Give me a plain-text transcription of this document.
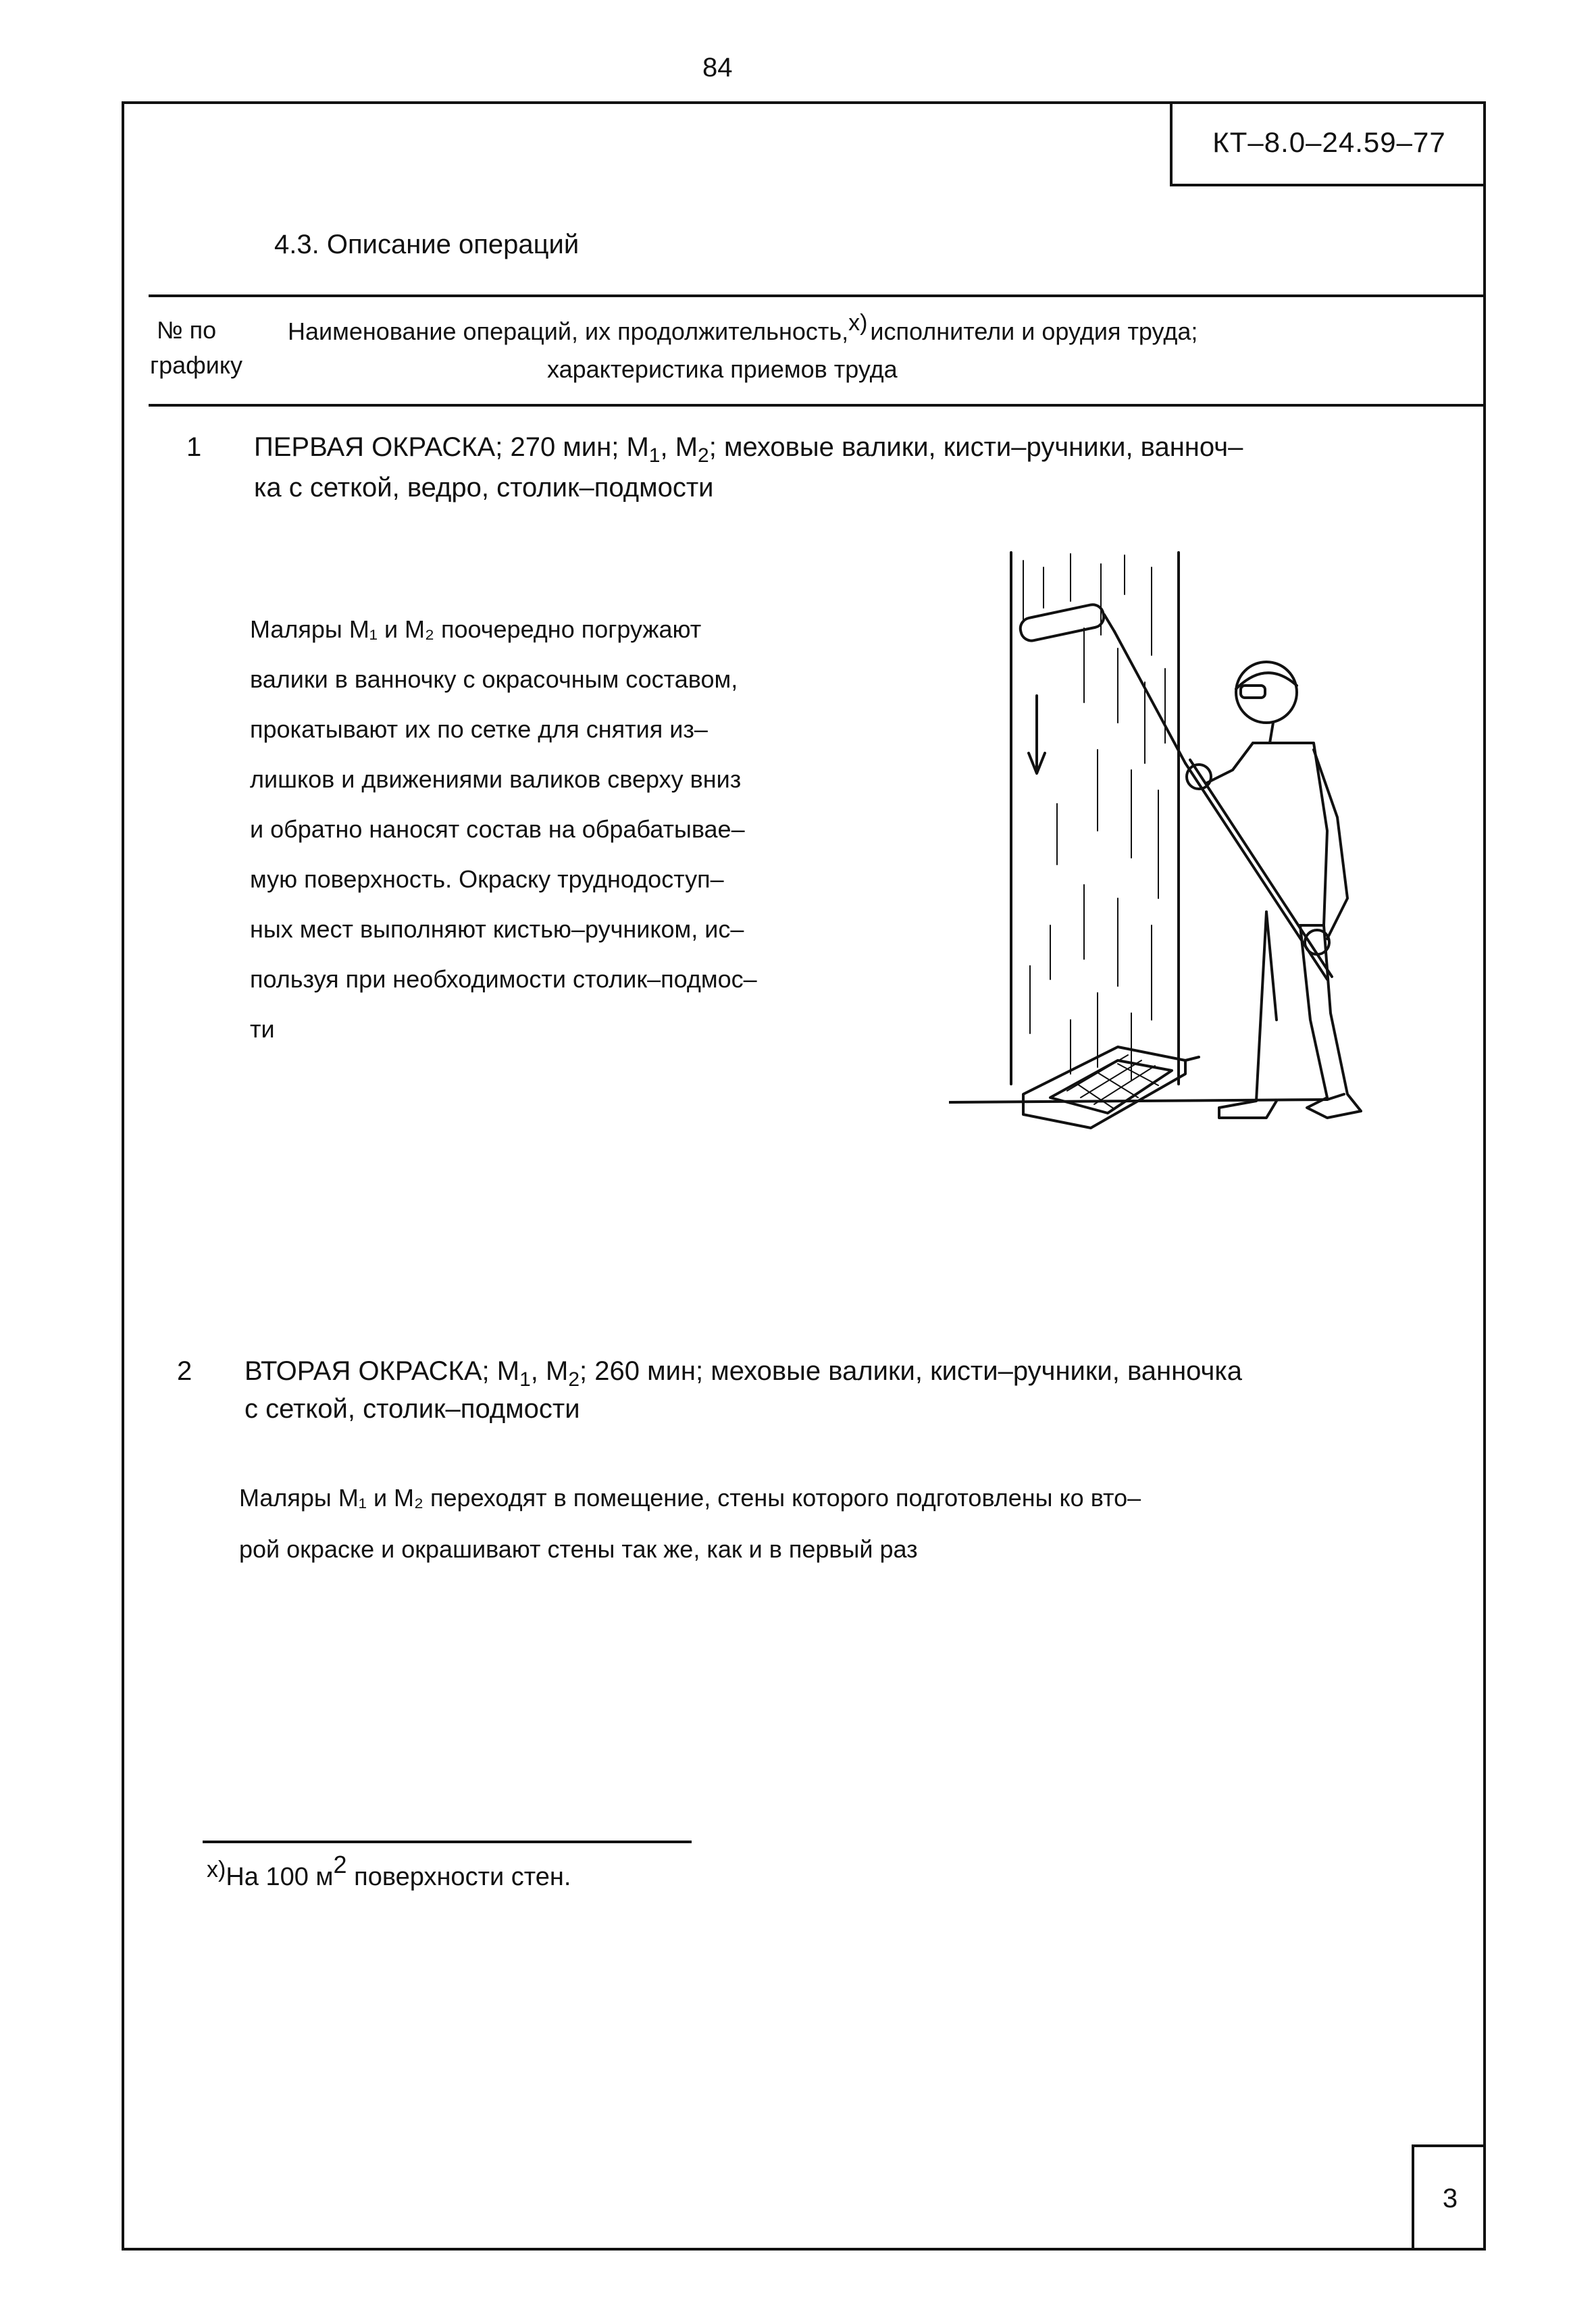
84
КТ–8.0–24.59–77
4.3. Описание операций
№ по
графику
Наименование операций, их продолжительность,$^{х)}$ исполнители и орудия труда;
характеристика приемов труда
1 ПЕРВАЯ ОКРАСКА; 270 мин; $М_1$, $М_2$; меховые валики, кисти–ручники, ванноч–
ка с сеткой, ведро, столик–подмости
Маляры М₁ и М₂ поочередно погружают
валики в ванночку с окрасочным составом,
прокатывают их по сетке для снятия из–
лишков и движениями валиков сверху вниз
и обратно наносят состав на обрабатывае–
мую поверхность. Окраску труднодоступ–
ных мест выполняют кистью–ручником, ис–
пользуя при необходимости столик–подмос–
ти
2 ВТОРАЯ ОКРАСКА; $М_1$, $М_2$; 260 мин; меховые валики, кисти–ручники, ванночка
с сеткой, столик–подмости
Маляры М₁ и М₂ переходят в помещение, стены которого подготовлены ко вто–
рой окраске и окрашивают стены так же, как и в первый раз
$^{х)}$На 100 $м^2$ поверхности стен.
3
